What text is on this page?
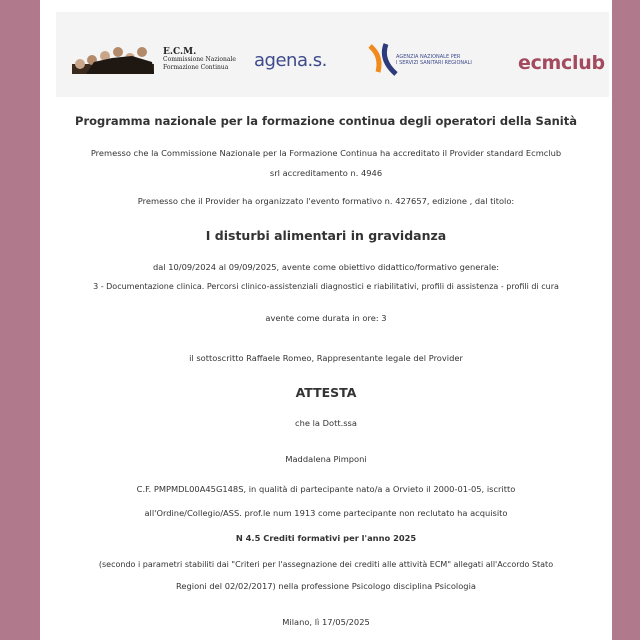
E.C.M.
Commissione Nazionale
Formazione Continua	agena.s.	AGENZIA NAZIONALE PER
I SERVIZI SANITARI REGIONALI ecmclub
Programma nazionale per la formazione continua degli operatori della Sanità
Premesso che la Commissione Nazionale per la Formazione Continua ha accreditato il Provider standard Ecmclub
srl accreditamento n. 4946
Premesso che il Provider ha organizzato l'evento formativo n. 427657, edizione , dal titolo:
I disturbi alimentari in gravidanza
dal 10/09/2024 al 09/09/2025, avente come obiettivo didattico/formativo generale:
3 - Documentazione clinica. Percorsi clinico-assistenziali diagnostici e riabilitativi, profili di assistenza - profili di cura
avente come durata in ore: 3
il sottoscritto Raffaele Romeo, Rappresentante legale del Provider
ATTESTA
che la Dott.ssa
Maddalena Pimponi
C.F. PMPMDL00A45G148S, in qualità di partecipante nato/a a Orvieto il 2000-01-05, iscritto
all'Ordine/Collegio/ASS. prof.le num 1913 come partecipante non reclutato ha acquisito
N 4.5 Crediti formativi per l'anno 2025
(secondo i parametri stabiliti dai "Criteri per l'assegnazione dei crediti alle attività ECM" allegati all'Accordo Stato
Regioni del 02/02/2017) nella professione Psicologo disciplina Psicologia
Milano, lì 17/05/2025
